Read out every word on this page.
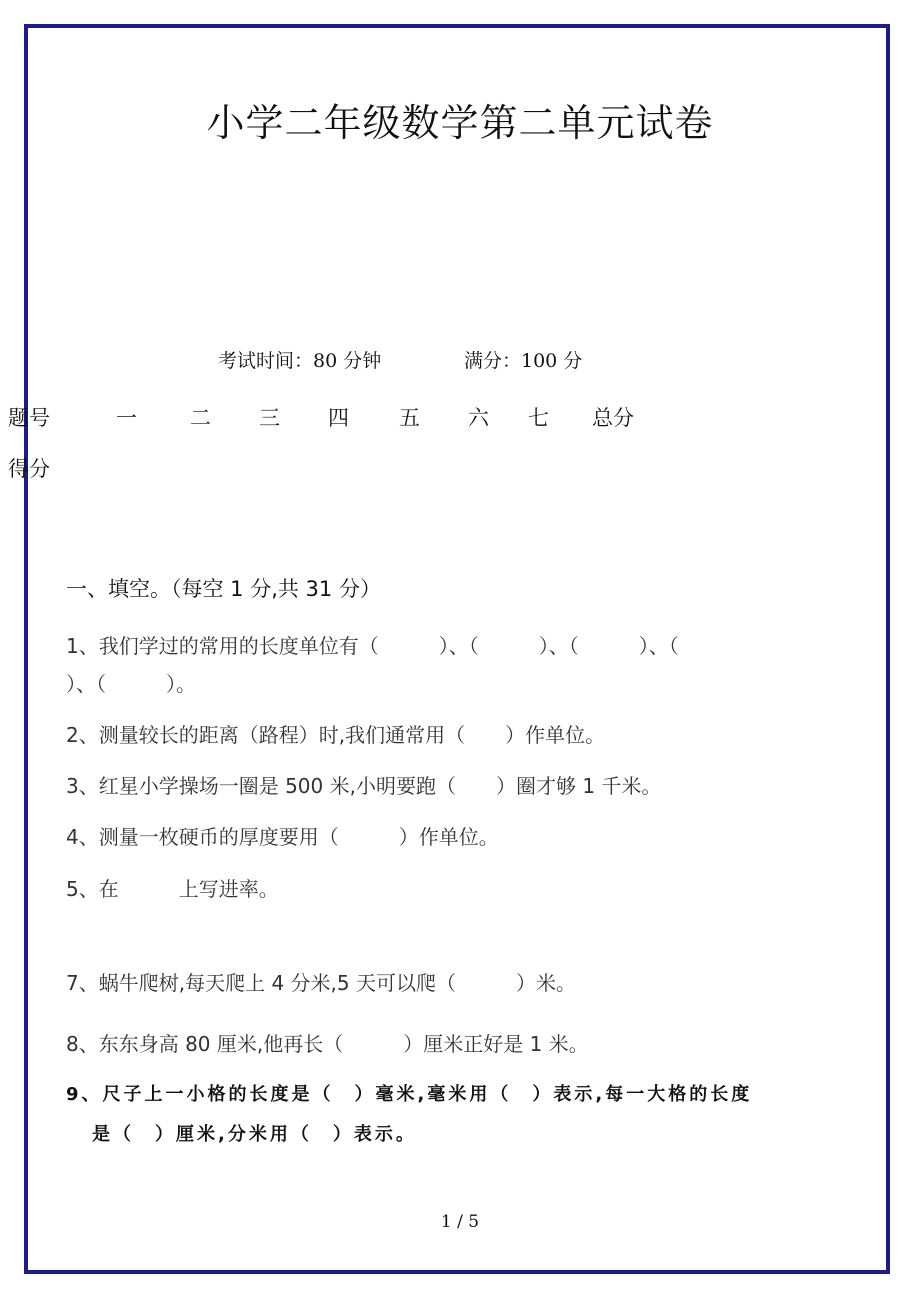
小学二年级数学第二单元试卷
考试时间：80 分钟	满分：100 分
题号	一	二 三 四 五 六 七 总分
得分
一、填空。（每空 1 分,共 31 分）
1、我们学过的常用的长度单位有（　　　）、（　　　）、（　　　）、（
）、（　　　）。
2、测量较长的距离（路程）时,我们通常用（　　）作单位。
3、红星小学操场一圈是 500 米,小明要跑（　　）圈才够 1 千米。
4、测量一枚硬币的厚度要用（　　　）作单位。
5、在　　　上写进率。
7、蜗牛爬树,每天爬上 4 分米,5 天可以爬（　　　）米。
8、东东身高 80 厘米,他再长（　　　）厘米正好是 1 米。
9、尺子上一小格的长度是（　）毫米,毫米用（　）表示,每一大格的长度
是（　）厘米,分米用（　）表示。
1 / 5
